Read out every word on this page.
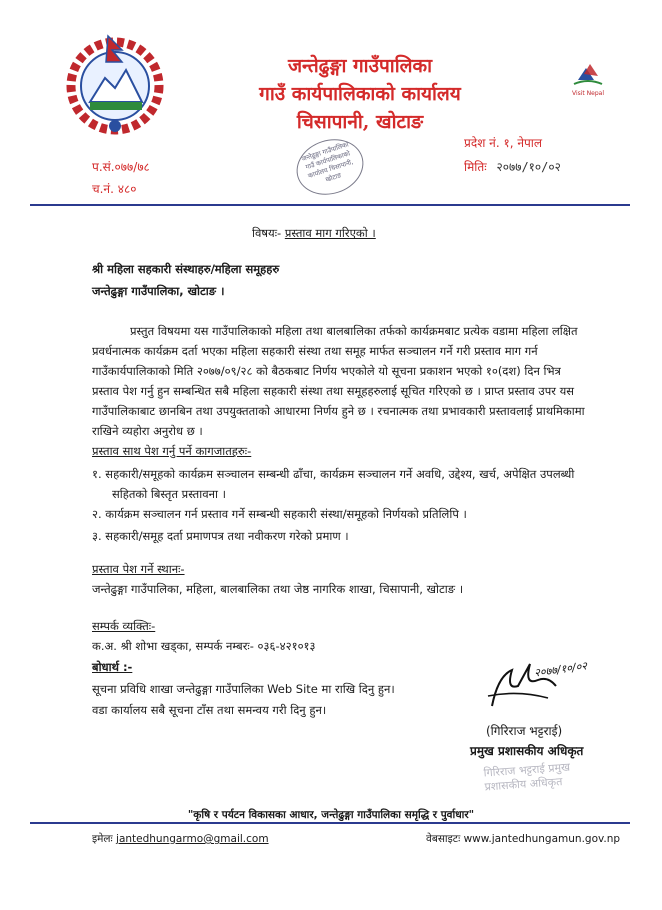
जन्तेढुङ्गा गाउँपालिका
गाउँ कार्यपालिकाको कार्यालय
चिसापानी, खोटाङ
Visit Nepal
प्रदेश नं. १, नेपाल
प.सं.०७७/७८
च.नं. ४८०
मितिः २०७७/१०/०२
जन्तेढुङ्गा गाउँपालिका गाउँ कार्यपालिकाको कार्यालय चिसापानी, खोटाङ
विषयः- प्रस्ताव माग गरिएको ।
श्री महिला सहकारी संस्थाहरु/महिला समूहहरु
जन्तेढुङ्गा गाउँपालिका, खोटाङ ।
प्रस्तुत विषयमा यस गाउँपालिकाको महिला तथा बालबालिका तर्फको कार्यक्रमबाट प्रत्येक वडामा महिला लक्षित
प्रवर्धनात्मक कार्यक्रम दर्ता भएका महिला सहकारी संस्था तथा समूह मार्फत सञ्चालन गर्ने गरी प्रस्ताव माग गर्न
गाउँकार्यपालिकाको मिति २०७७/०९/२८ को बैठकबाट निर्णय भएकोले यो सूचना प्रकाशन भएको १०(दश) दिन भित्र
प्रस्ताव पेश गर्नु हुन सम्बन्धित सबै महिला सहकारी संस्था तथा समूहहरुलाई सूचित गरिएको छ । प्राप्त प्रस्ताव उपर यस
गाउँपालिकाबाट छानबिन तथा उपयुक्तताको आधारमा निर्णय हुने छ । रचनात्मक तथा प्रभावकारी प्रस्तावलाई प्राथमिकामा
राखिने व्यहोरा अनुरोध छ ।
प्रस्ताव साथ पेश गर्नु पर्ने कागजातहरुः-
१. सहकारी/समूहको कार्यक्रम सञ्चालन सम्बन्धी ढाँचा, कार्यक्रम सञ्चालन गर्ने अवधि, उद्देश्य, खर्च, अपेक्षित उपलब्धी
सहितको बिस्तृत प्रस्तावना ।
२. कार्यक्रम सञ्चालन गर्न प्रस्ताव गर्ने सम्बन्धी सहकारी संस्था/समूहको निर्णयको प्रतिलिपि ।
३. सहकारी/समूह दर्ता प्रमाणपत्र तथा नवीकरण गरेको प्रमाण ।
प्रस्ताव पेश गर्ने स्थानः-
जन्तेढुङ्गा गाउँपालिका, महिला, बालबालिका तथा जेष्ठ नागरिक शाखा, चिसापानी, खोटाङ ।
सम्पर्क व्यक्तिः-
क.अ. श्री शोभा खड्का, सम्पर्क नम्बरः- ०३६-४२१०१३
बोधार्थ :-
सूचना प्रविधि शाखा जन्तेढुङ्गा गाउँपालिका Web Site मा राखि दिनु हुन।
वडा कार्यालय सबै सूचना टाँस तथा समन्वय गरी दिनु हुन।
२०७७/१०/०२
(गिरिराज भट्टराई)
प्रमुख प्रशासकीय अधिकृत
गिरिराज भट्टराई प्रमुख प्रशासकीय अधिकृत
"कृषि र पर्यटन विकासका आधार, जन्तेढुङ्गा गाउँपालिका समृद्धि र पुर्वाधार"
इमेलः jantedhungarmo@gmail.com	वेबसाइटः www.jantedhungamun.gov.np
